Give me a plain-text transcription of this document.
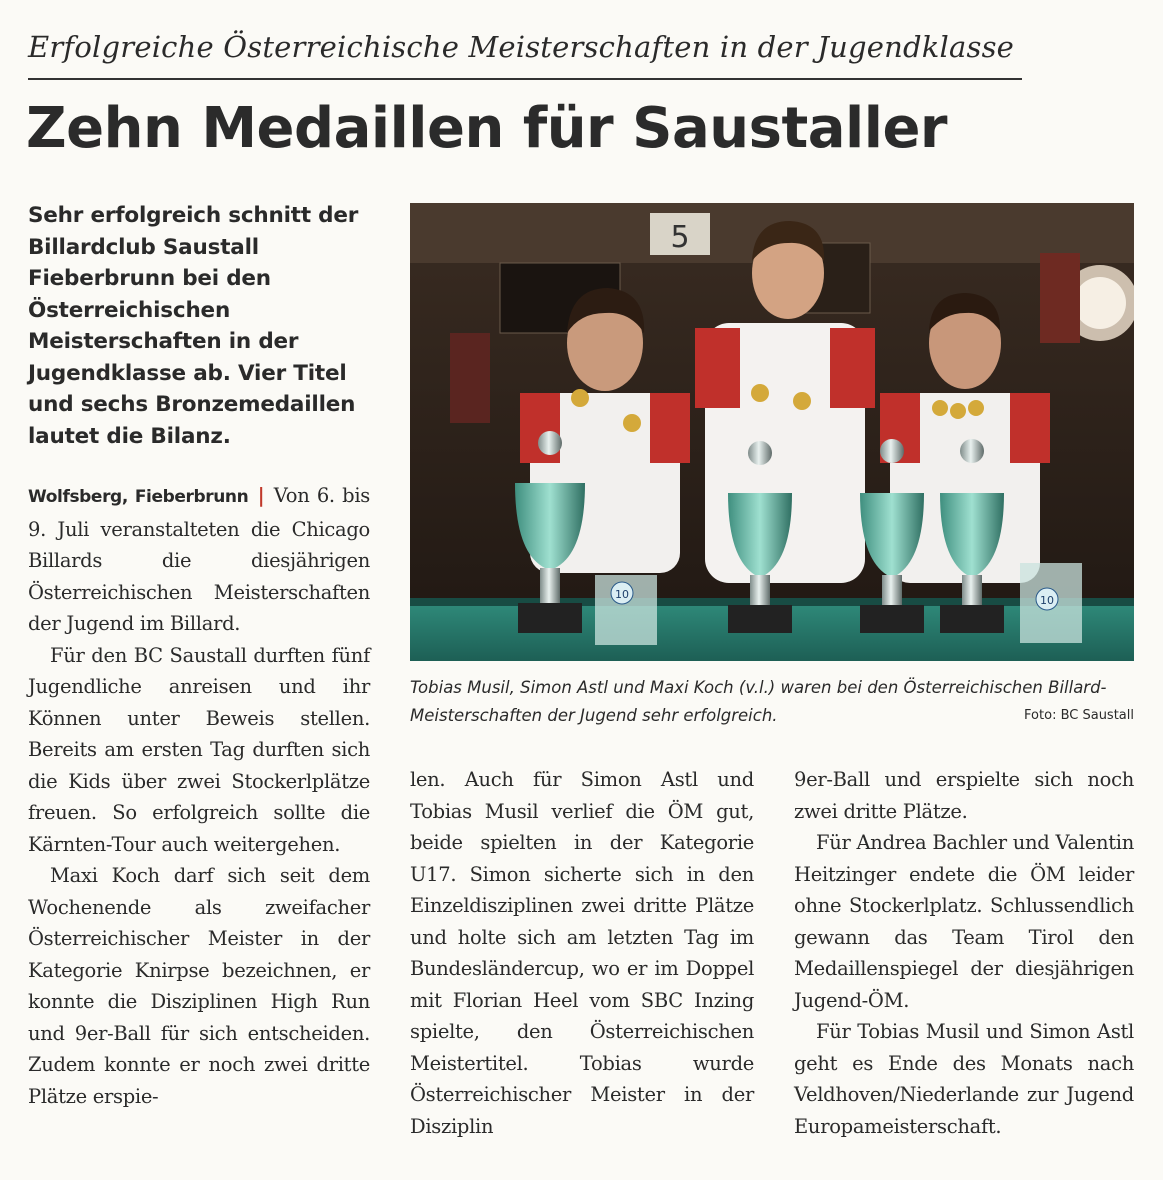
Erfolgreiche Österreichische Meisterschaften in der Jugendklasse
Zehn Medaillen für Saustaller
Sehr erfolgreich schnitt der Billardclub Saustall Fieberbrunn bei den Österreichischen Meisterschaften in der Jugendklasse ab. Vier Titel und sechs Bronzemedaillen lautet die Bilanz.

Wolfsberg, Fieberbrunn | Von 6. bis 9. Juli veranstalteten die Chicago Billards die diesjährigen Österreichischen Meisterschaften der Jugend im Billard.

Für den BC Saustall durften fünf Jugendliche anreisen und ihr Können unter Beweis stellen. Bereits am ersten Tag durften sich die Kids über zwei Stockerlplätze freuen. So erfolgreich sollte die Kärnten-Tour auch weitergehen.

Maxi Koch darf sich seit dem Wochenende als zweifacher Österreichischer Meister in der Kategorie Knirpse bezeichnen, er konnte die Disziplinen High Run und 9er-Ball für sich entscheiden. Zudem konnte er noch zwei dritte Plätze erspie-

len. Auch für Simon Astl und Tobias Musil verlief die ÖM gut, beide spielten in der Kategorie U17. Simon sicherte sich in den Einzeldisziplinen zwei dritte Plätze und holte sich am letzten Tag im Bundesländercup, wo er im Doppel mit Florian Heel vom SBC Inzing spielte, den Österreichischen Meistertitel. Tobias wurde Österreichischer Meister in der Disziplin

9er-Ball und erspielte sich noch zwei dritte Plätze.

Für Andrea Bachler und Valentin Heitzinger endete die ÖM leider ohne Stockerlplatz. Schlussendlich gewann das Team Tirol den Medaillenspiegel der diesjährigen Jugend-ÖM.

Für Tobias Musil und Simon Astl geht es Ende des Monats nach Veldhoven/Niederlande zur Jugend Europameisterschaft.

5
10	10
Tobias Musil, Simon Astl und Maxi Koch (v.l.) waren bei den Österreichischen Billard-Meisterschaften der Jugend sehr erfolgreich.	Foto: BC Saustall
